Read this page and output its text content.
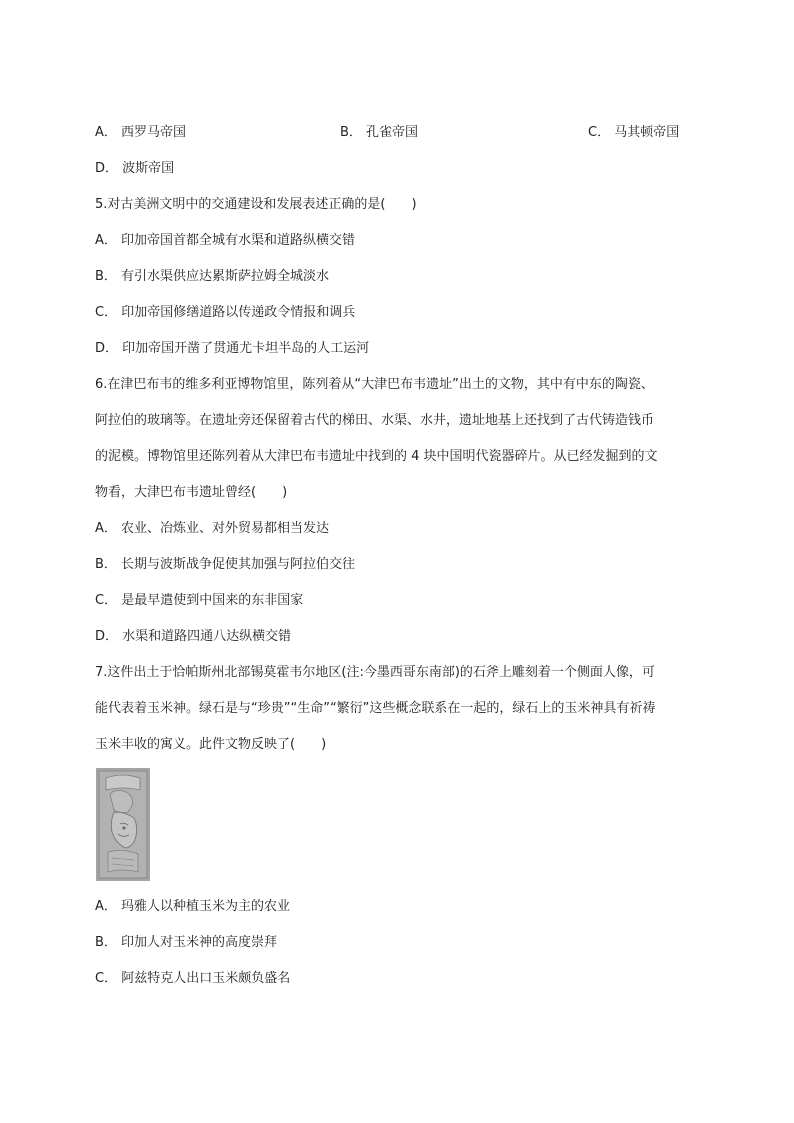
A． 西罗马帝国	B． 孔雀帝国	C． 马其顿帝国
D． 波斯帝国
5.对古美洲文明中的交通建设和发展表述正确的是(　　)
A． 印加帝国首都全城有水渠和道路纵横交错
B． 有引水渠供应达累斯萨拉姆全城淡水
C． 印加帝国修缮道路以传递政令情报和调兵
D． 印加帝国开凿了贯通尤卡坦半岛的人工运河
6.在津巴布韦的维多利亚博物馆里，陈列着从“大津巴布韦遗址”出土的文物，其中有中东的陶瓷、
阿拉伯的玻璃等。在遗址旁还保留着古代的梯田、水渠、水井，遗址地基上还找到了古代铸造钱币
的泥模。博物馆里还陈列着从大津巴布韦遗址中找到的 4 块中国明代瓷器碎片。从已经发掘到的文
物看，大津巴布韦遗址曾经(　　)
A． 农业、冶炼业、对外贸易都相当发达
B． 长期与波斯战争促使其加强与阿拉伯交往
C． 是最早遣使到中国来的东非国家
D． 水渠和道路四通八达纵横交错
7.这件出土于恰帕斯州北部锡莫霍韦尔地区(注:今墨西哥东南部)的石斧上雕刻着一个侧面人像，可
能代表着玉米神。绿石是与“珍贵”“生命”“繁衍”这些概念联系在一起的，绿石上的玉米神具有祈祷
玉米丰收的寓义。此件文物反映了(　　)
A． 玛雅人以种植玉米为主的农业
B． 印加人对玉米神的高度崇拜
C． 阿兹特克人出口玉米颇负盛名
